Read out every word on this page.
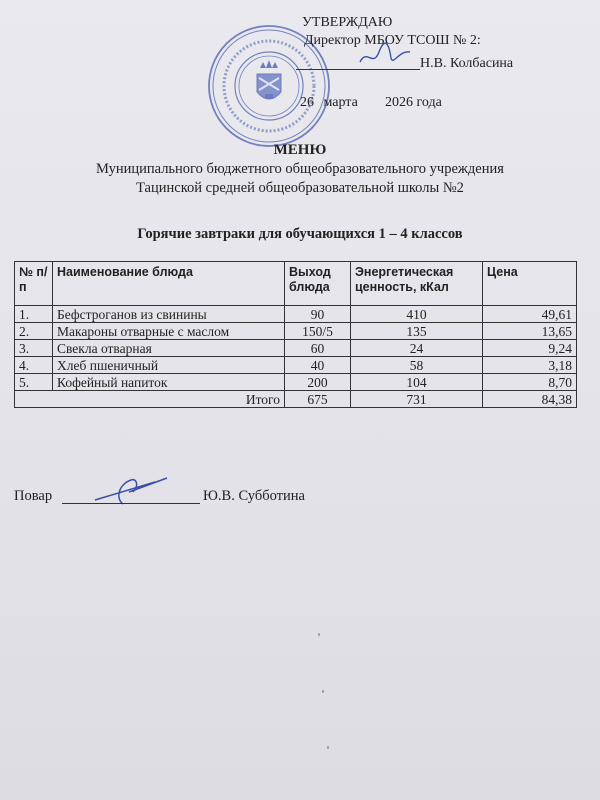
УТВЕРЖДАЮ
Директор МБОУ ТСОШ № 2:
Н.В. Колбасина
26 марта 2026 года
МЕНЮ
Муниципального бюджетного общеобразовательного учреждения
Тацинской средней общеобразовательной школы №2
Горячие завтраки для обучающихся 1 – 4 классов
№ п/п	Наименование блюда	Выход блюда	Энергетическая ценность, кКал	Цена
1.	Бефстроганов из свинины	90	410	49,61
2.	Макароны отварные с маслом	150/5	135	13,65
3.	Свекла отварная	60	24	9,24
4.	Хлеб пшеничный	40	58	3,18
5.	Кофейный напиток	200	104	8,70
Итого		675	731	84,38
Повар	Ю.В. Субботина
